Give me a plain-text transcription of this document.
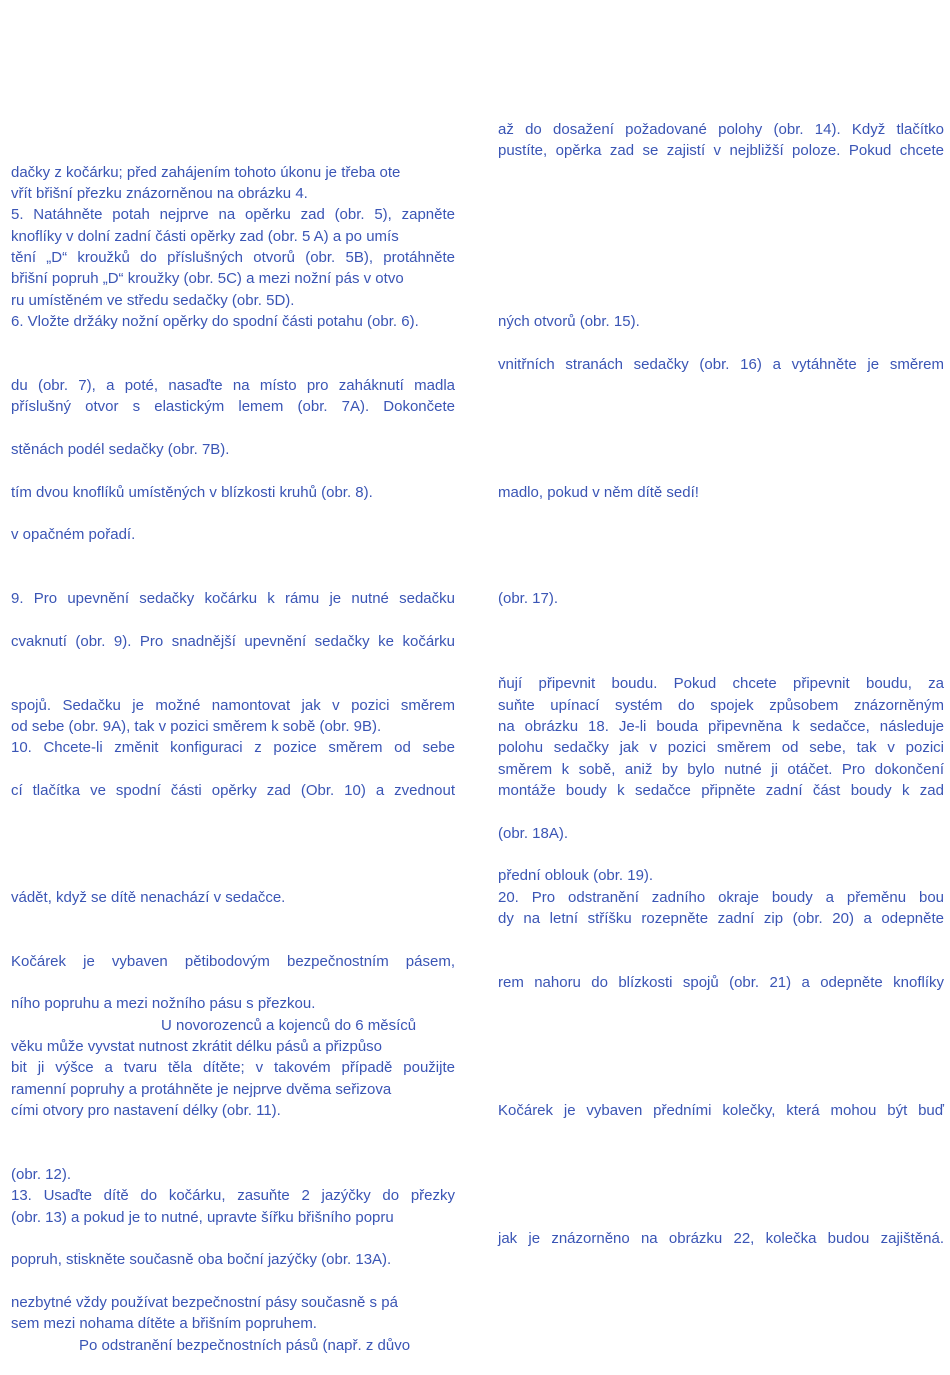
dačky z kočárku; před zahájením tohoto úkonu je třeba ote

vřít břišní přezku znázorněnou na obrázku 4.

5. Natáhněte potah nejprve na opěrku zad (obr. 5), zapněte

knoflíky v dolní zadní části opěrky zad (obr. 5 A) a po umís

tění „D“ kroužků do příslušných otvorů (obr. 5B), protáhněte

břišní popruh „D“ kroužky (obr. 5C) a mezi nožní pás v otvo

ru umístěném ve středu sedačky (obr. 5D).

6. Vložte držáky nožní opěrky do spodní části potahu (obr. 6).

du (obr. 7), a poté, nasaďte na místo pro zaháknutí madla

příslušný otvor s elastickým lemem (obr. 7A). Dokončete

stěnách podél sedačky (obr. 7B).

tím dvou knoflíků umístěných v blízkosti kruhů (obr. 8).

v opačném pořadí.

9. Pro upevnění sedačky kočárku k rámu je nutné sedačku

cvaknutí (obr. 9). Pro snadnější upevnění sedačky ke kočárku

spojů. Sedačku je možné namontovat jak v pozici směrem

od sebe (obr. 9A), tak v pozici směrem k sobě (obr. 9B).

10. Chcete-li změnit konfiguraci z pozice směrem od sebe

cí tlačítka ve spodní části opěrky zad (Obr. 10) a zvednout

vádět, když se dítě nenachází v sedačce.

Kočárek je vybaven pětibodovým bezpečnostním pásem,

ního popruhu a mezi nožního pásu s přezkou.

U novorozenců a kojenců do 6 měsíců

věku může vyvstat nutnost zkrátit délku pásů a přizpůso

bit ji výšce a tvaru těla dítěte; v takovém případě použijte

ramenní popruhy a protáhněte je nejprve dvěma seřizova

cími otvory pro nastavení délky (obr. 11).

(obr. 12).

13. Usaďte dítě do kočárku, zasuňte 2 jazýčky do přezky

(obr. 13) a pokud je to nutné, upravte šířku břišního popru

popruh, stiskněte současně oba boční jazýčky (obr. 13A).

nezbytné vždy používat bezpečnostní pásy současně s pá

sem mezi nohama dítěte a břišním popruhem.

Po odstranění bezpečnostních pásů (např. z důvo

až do dosažení požadované polohy (obr. 14). Když tlačítko

pustíte, opěrka zad se zajistí v nejbližší poloze. Pokud chcete

ných otvorů (obr. 15).

vnitřních stranách sedačky (obr. 16) a vytáhněte je směrem

madlo, pokud v něm dítě sedí!

(obr. 17).

ňují připevnit boudu. Pokud chcete připevnit boudu, za

suňte upínací systém do spojek způsobem znázorněným

na obrázku 18. Je-li bouda připevněna k sedačce, následuje

polohu sedačky jak v pozici směrem od sebe, tak v pozici

směrem k sobě, aniž by bylo nutné ji otáčet. Pro dokončení

montáže boudy k sedačce připněte zadní část boudy k zad

(obr. 18A).

přední oblouk (obr. 19).

20. Pro odstranění zadního okraje boudy a přeměnu bou

dy na letní stříšku rozepněte zadní zip (obr. 20) a odepněte

rem nahoru do blízkosti spojů (obr. 21) a odepněte knoflíky

Kočárek je vybaven předními kolečky, která mohou být buď

jak je znázorněno na obrázku 22, kolečka budou zajištěná.
